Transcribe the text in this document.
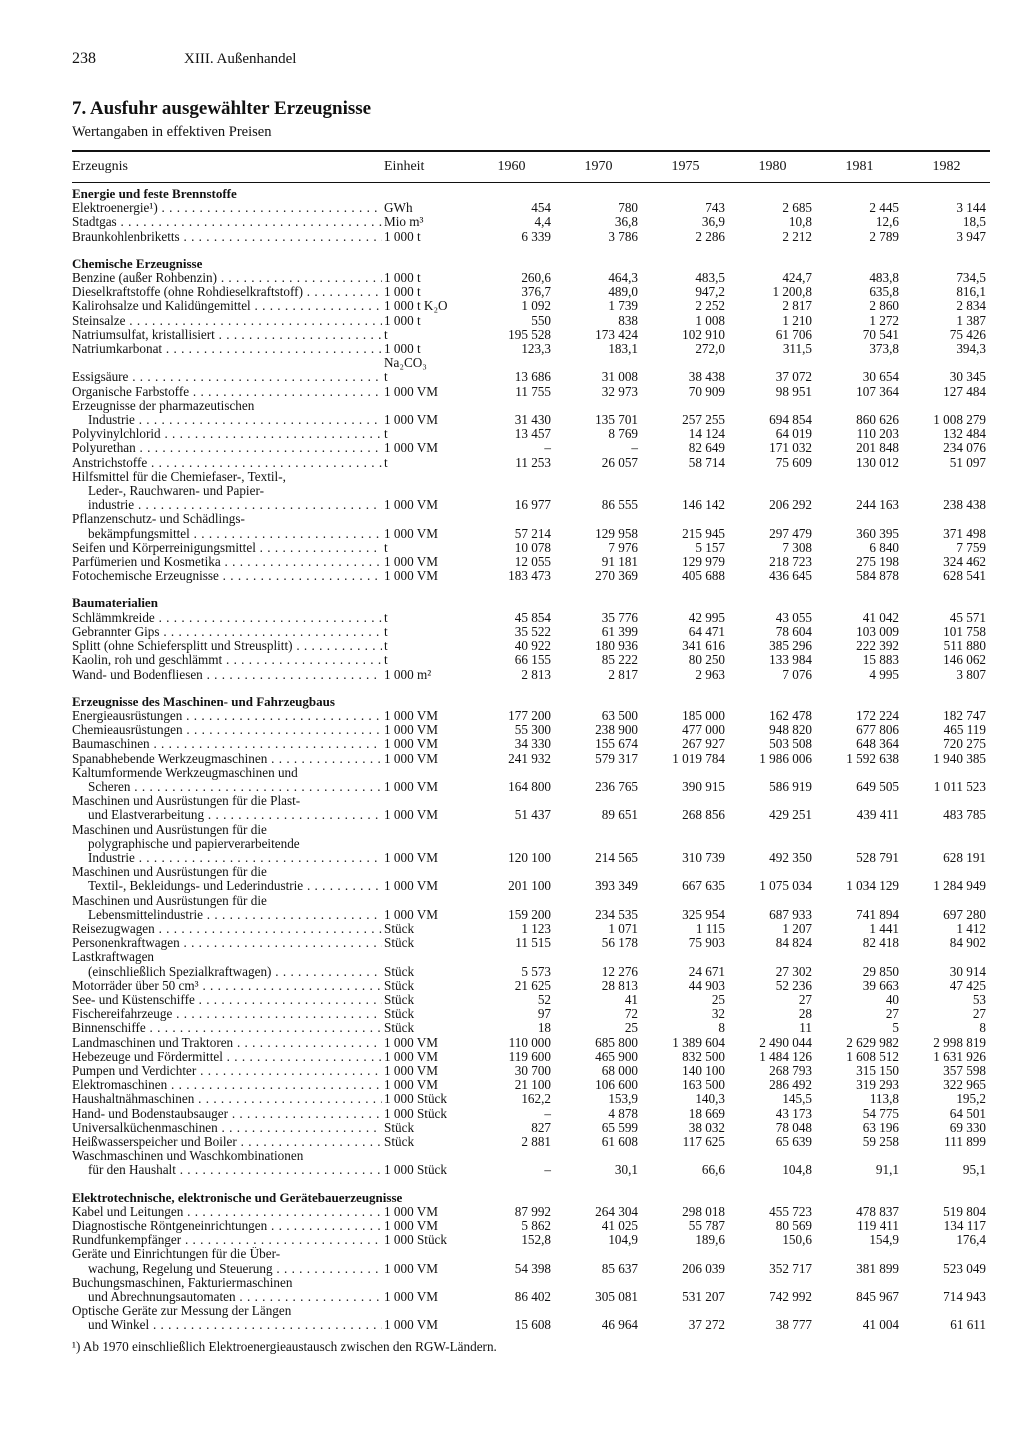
238	XIII. Außenhandel
7. Ausfuhr ausgewählter Erzeugnisse
Wertangaben in effektiven Preisen
Erzeugnis	Einheit	1960	1970	1975	1980	1981	1982

Energie und feste Brennstoffe							

Elektroenergie¹) . . .	GWh	454	780	743	2 685	2 445	3 144

Stadtgas . . .	Mio m³	4,4	36,8	36,9	10,8	12,6	18,5

Braunkohlenbriketts . . .	1 000 t	6 339	3 786	2 286	2 212	2 789	3 947

Chemische Erzeugnisse							

Benzine (außer Rohbenzin) . . .	1 000 t	260,6	464,3	483,5	424,7	483,8	734,5

Dieselkraftstoffe (ohne Rohdieselkraftstoff) . . .	1 000 t	376,7	489,0	947,2	1 200,8	635,8	816,1

Kalirohsalze und Kalidüngemittel . . .	1 000 t K₂O	1 092	1 739	2 252	2 817	2 860	2 834

Steinsalze . . .	1 000 t	550	838	1 008	1 210	1 272	1 387

Natriumsulfat, kristallisiert . . .	t	195 528	173 424	102 910	61 706	70 541	75 426

Natriumkarbonat . . .	1 000 t	123,3	183,1	272,0	311,5	373,8	394,3

	Na₂CO₃						

Essigsäure . . .	t	13 686	31 008	38 438	37 072	30 654	30 345

Organische Farbstoffe . . .	1 000 VM	11 755	32 973	70 909	98 951	107 364	127 484

Erzeugnisse der pharmazeutischen							

Industrie . . .	1 000 VM	31 430	135 701	257 255	694 854	860 626	1 008 279

Polyvinylchlorid . . .	t	13 457	8 769	14 124	64 019	110 203	132 484

Polyurethan . . .	1 000 VM	–	–	82 649	171 032	201 848	234 076

Anstrichstoffe . . .	t	11 253	26 057	58 714	75 609	130 012	51 097

Hilfsmittel für die Chemiefaser-, Textil-,							

Leder-, Rauchwaren- und Papier-							

industrie . . .	1 000 VM	16 977	86 555	146 142	206 292	244 163	238 438

Pflanzenschutz- und Schädlings-							

bekämpfungsmittel . . .	1 000 VM	57 214	129 958	215 945	297 479	360 395	371 498

Seifen und Körperreinigungsmittel . . .	t	10 078	7 976	5 157	7 308	6 840	7 759

Parfümerien und Kosmetika . . .	1 000 VM	12 055	91 181	129 979	218 723	275 198	324 462

Fotochemische Erzeugnisse . . .	1 000 VM	183 473	270 369	405 688	436 645	584 878	628 541

Baumaterialien							

Schlämmkreide . . .	t	45 854	35 776	42 995	43 055	41 042	45 571

Gebrannter Gips . . .	t	35 522	61 399	64 471	78 604	103 009	101 758

Splitt (ohne Schiefersplitt und Streusplitt) . . .	t	40 922	180 936	341 616	385 296	222 392	511 880

Kaolin, roh und geschlämmt . . .	t	66 155	85 222	80 250	133 984	15 883	146 062

Wand- und Bodenfliesen . . .	1 000 m²	2 813	2 817	2 963	7 076	4 995	3 807

Erzeugnisse des Maschinen- und Fahrzeugbaus							

Energieausrüstungen . . .	1 000 VM	177 200	63 500	185 000	162 478	172 224	182 747

Chemieausrüstungen . . .	1 000 VM	55 300	238 900	477 000	948 820	677 806	465 119

Baumaschinen . . .	1 000 VM	34 330	155 674	267 927	503 508	648 364	720 275

Spanabhebende Werkzeugmaschinen . . .	1 000 VM	241 932	579 317	1 019 784	1 986 006	1 592 638	1 940 385

Kaltumformende Werkzeugmaschinen und							

Scheren . . .	1 000 VM	164 800	236 765	390 915	586 919	649 505	1 011 523

Maschinen und Ausrüstungen für die Plast-							

und Elastverarbeitung . . .	1 000 VM	51 437	89 651	268 856	429 251	439 411	483 785

Maschinen und Ausrüstungen für die							

polygraphische und papierverarbeitende							

Industrie . . .	1 000 VM	120 100	214 565	310 739	492 350	528 791	628 191

Maschinen und Ausrüstungen für die							

Textil-, Bekleidungs- und Lederindustrie . . .	1 000 VM	201 100	393 349	667 635	1 075 034	1 034 129	1 284 949

Maschinen und Ausrüstungen für die							

Lebensmittelindustrie . . .	1 000 VM	159 200	234 535	325 954	687 933	741 894	697 280

Reisezugwagen . . .	Stück	1 123	1 071	1 115	1 207	1 441	1 412

Personenkraftwagen . . .	Stück	11 515	56 178	75 903	84 824	82 418	84 902

Lastkraftwagen							

(einschließlich Spezialkraftwagen) . . .	Stück	5 573	12 276	24 671	27 302	29 850	30 914

Motorräder über 50 cm³ . . .	Stück	21 625	28 813	44 903	52 236	39 663	47 425

See- und Küstenschiffe . . .	Stück	52	41	25	27	40	53

Fischereifahrzeuge . . .	Stück	97	72	32	28	27	27

Binnenschiffe . . .	Stück	18	25	8	11	5	8

Landmaschinen und Traktoren . . .	1 000 VM	110 000	685 800	1 389 604	2 490 044	2 629 982	2 998 819

Hebezeuge und Fördermittel . . .	1 000 VM	119 600	465 900	832 500	1 484 126	1 608 512	1 631 926

Pumpen und Verdichter . . .	1 000 VM	30 700	68 000	140 100	268 793	315 150	357 598

Elektromaschinen . . .	1 000 VM	21 100	106 600	163 500	286 492	319 293	322 965

Haushaltnähmaschinen . . .	1 000 Stück	162,2	153,9	140,3	145,5	113,8	195,2

Hand- und Bodenstaubsauger . . .	1 000 Stück	–	4 878	18 669	43 173	54 775	64 501

Universalküchenmaschinen . . .	Stück	827	65 599	38 032	78 048	63 196	69 330

Heißwasserspeicher und Boiler . . .	Stück	2 881	61 608	117 625	65 639	59 258	111 899

Waschmaschinen und Waschkombinationen							

für den Haushalt . . .	1 000 Stück	–	30,1	66,6	104,8	91,1	95,1

Elektrotechnische, elektronische und Gerätebauerzeugnisse							

Kabel und Leitungen . . .	1 000 VM	87 992	264 304	298 018	455 723	478 837	519 804

Diagnostische Röntgeneinrichtungen . . .	1 000 VM	5 862	41 025	55 787	80 569	119 411	134 117

Rundfunkempfänger . . .	1 000 Stück	152,8	104,9	189,6	150,6	154,9	176,4

Geräte und Einrichtungen für die Über-							

wachung, Regelung und Steuerung . . .	1 000 VM	54 398	85 637	206 039	352 717	381 899	523 049

Buchungsmaschinen, Fakturiermaschinen							

und Abrechnungsautomaten . . .	1 000 VM	86 402	305 081	531 207	742 992	845 967	714 943

Optische Geräte zur Messung der Längen							

und Winkel . . .	1 000 VM	15 608	46 964	37 272	38 777	41 004	61 611
¹) Ab 1970 einschließlich Elektroenergieaustausch zwischen den RGW-Ländern.
